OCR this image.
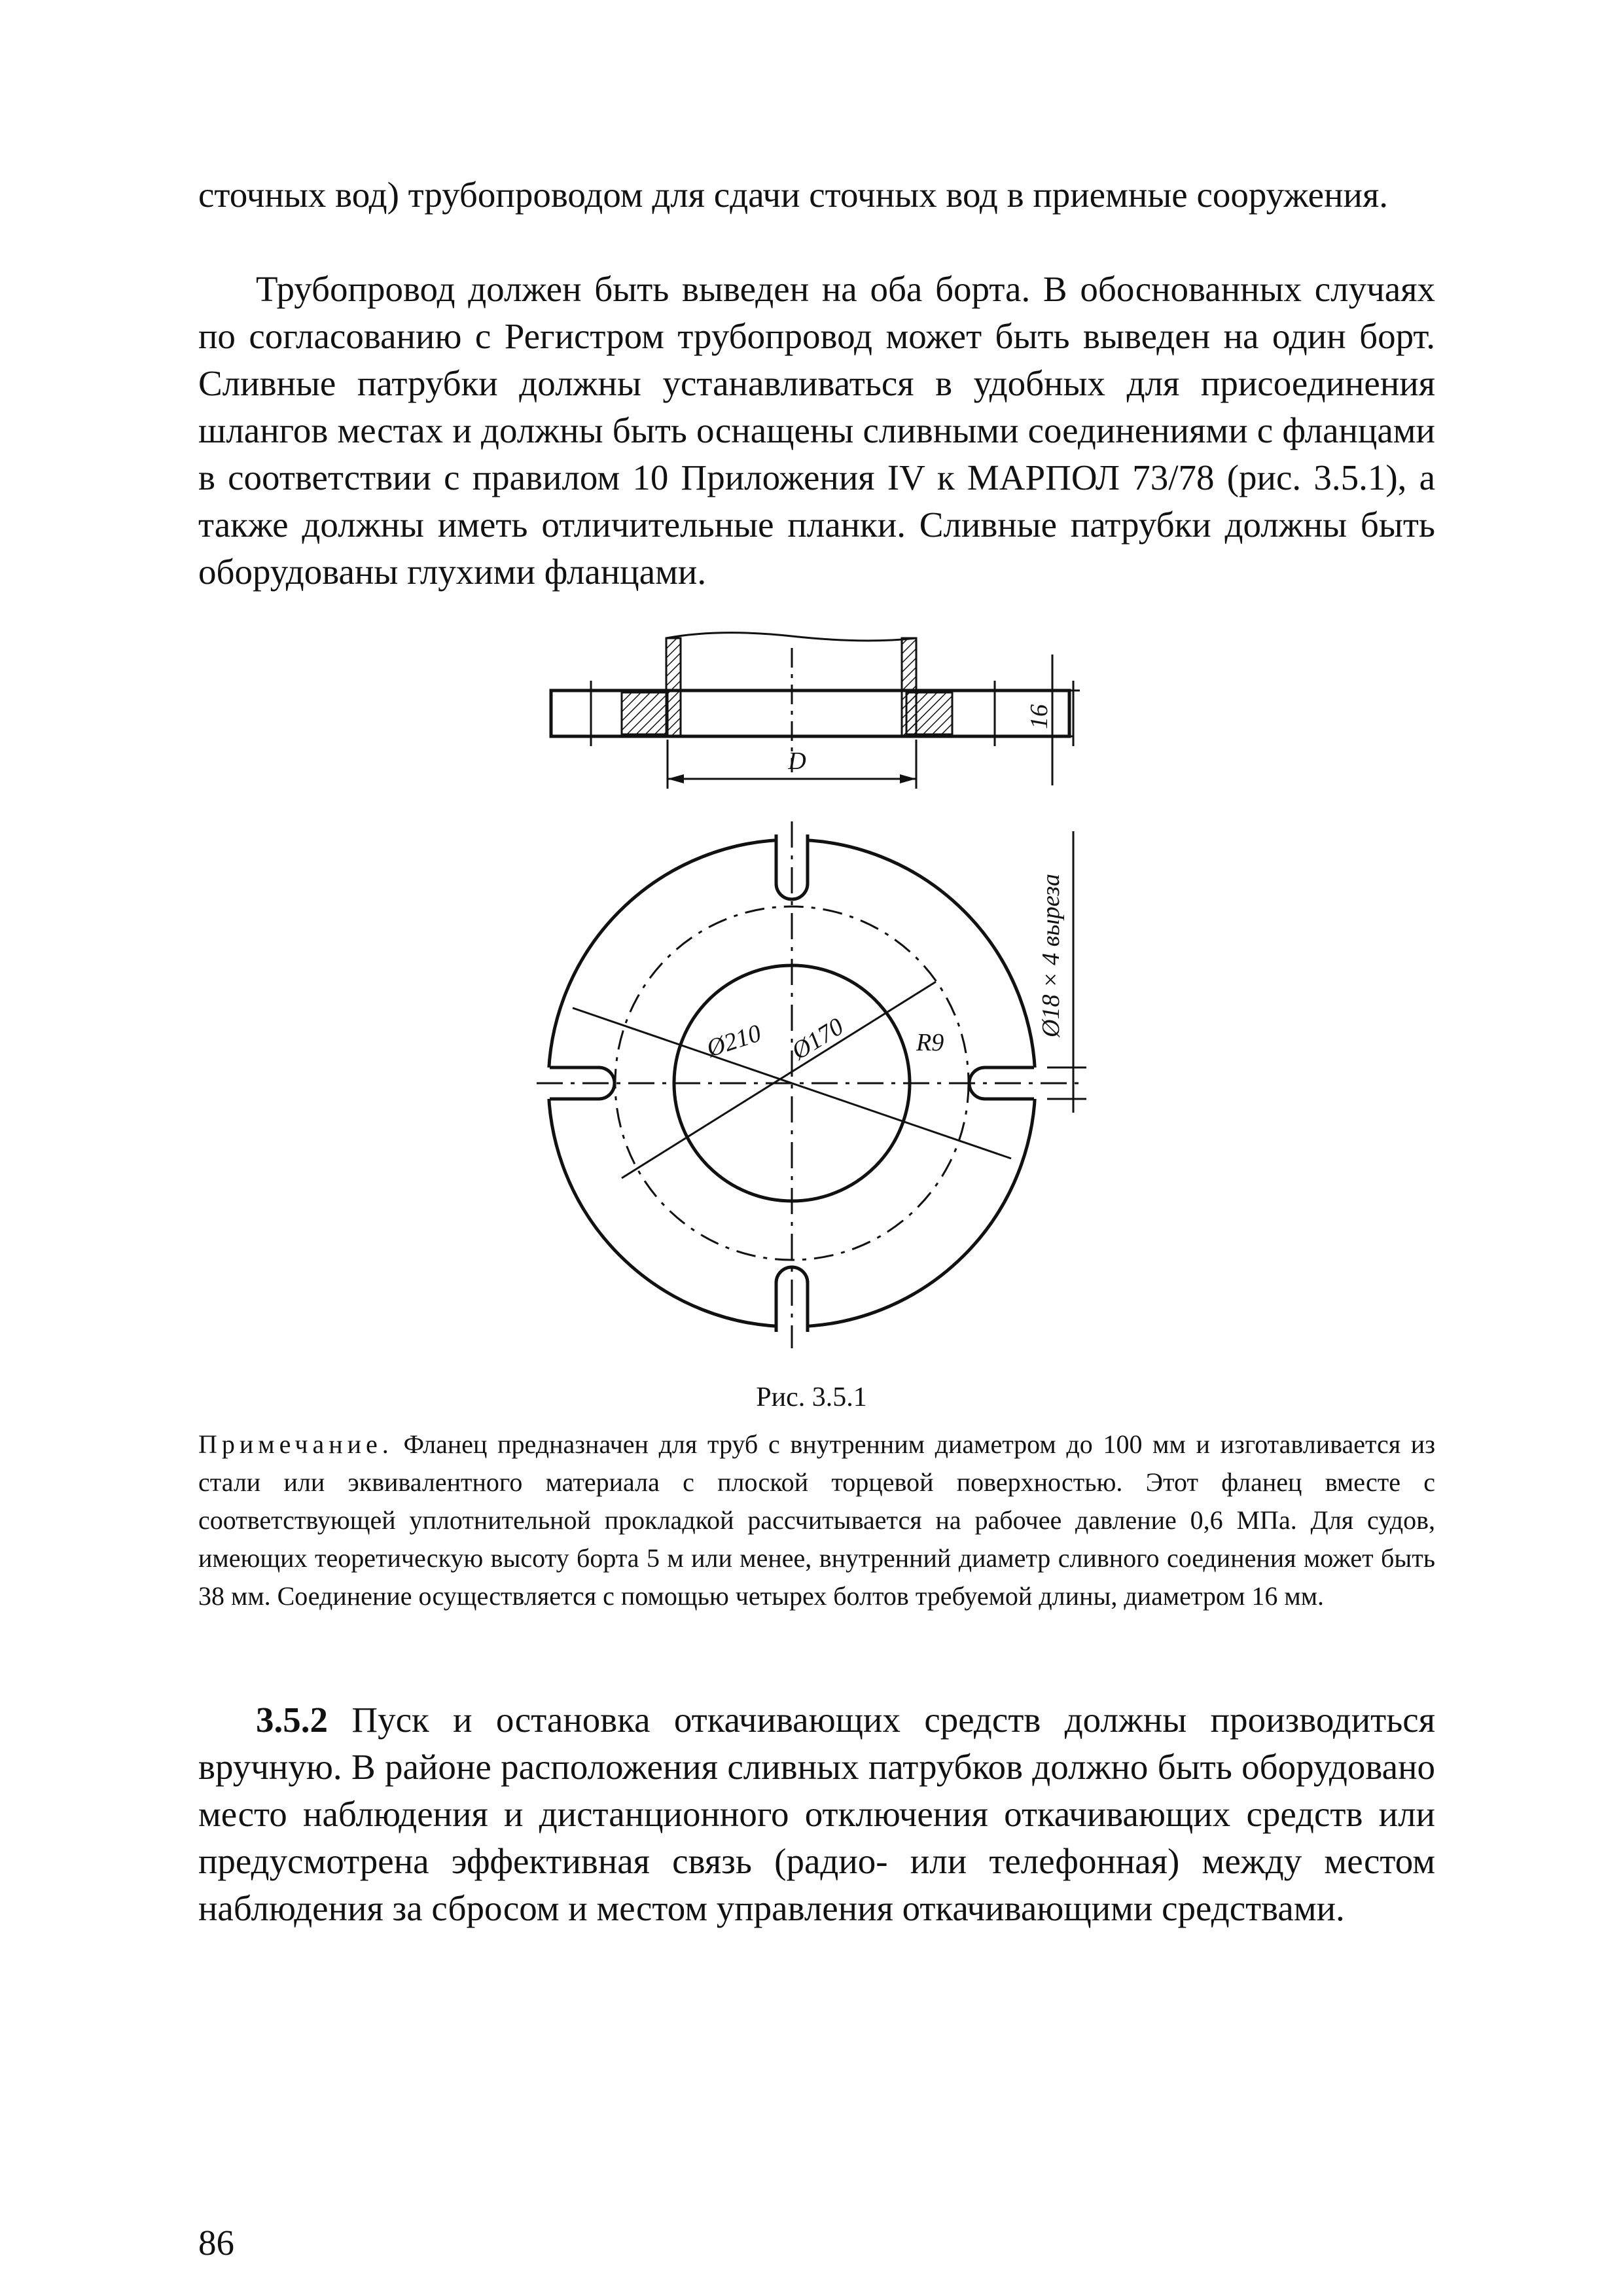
сточных вод) трубопроводом для сдачи сточных вод в приемные сооружения.

Трубопровод должен быть выведен на оба борта. В обоснованных случаях по согласованию с Регистром трубопровод может быть выведен на один борт. Сливные патрубки должны устанавливаться в удобных для присоединения шлангов местах и должны быть оснащены сливными соединениями с фланцами в соответствии с правилом 10 Приложения IV к МАРПОЛ 73/78 (рис. 3.5.1), а также должны иметь отличительные планки. Сливные патрубки должны быть оборудованы глухими фланцами.

D
16
Ø210 Ø170	R9
Ø18 × 4 выреза
Рис. 3.5.1

Примечание. Фланец предназначен для труб с внутренним диаметром до 100 мм и изготавливается из стали или эквивалентного материала с плоской торцевой поверхностью. Этот фланец вместе с соответствующей уплотнительной прокладкой рассчитывается на рабочее давление 0,6 МПа. Для судов, имеющих теоретическую высоту борта 5 м или менее, внутренний диаметр сливного соединения может быть 38 мм. Соединение осуществляется с помощью четырех болтов требуемой длины, диаметром 16 мм.

3.5.2 Пуск и остановка откачивающих средств должны производиться вручную. В районе расположения сливных патрубков должно быть оборудовано место наблюдения и дистанционного отключения откачивающих средств или предусмотрена эффективная связь (радио- или телефонная) между местом наблюдения за сбросом и местом управления откачивающими средствами.

86
